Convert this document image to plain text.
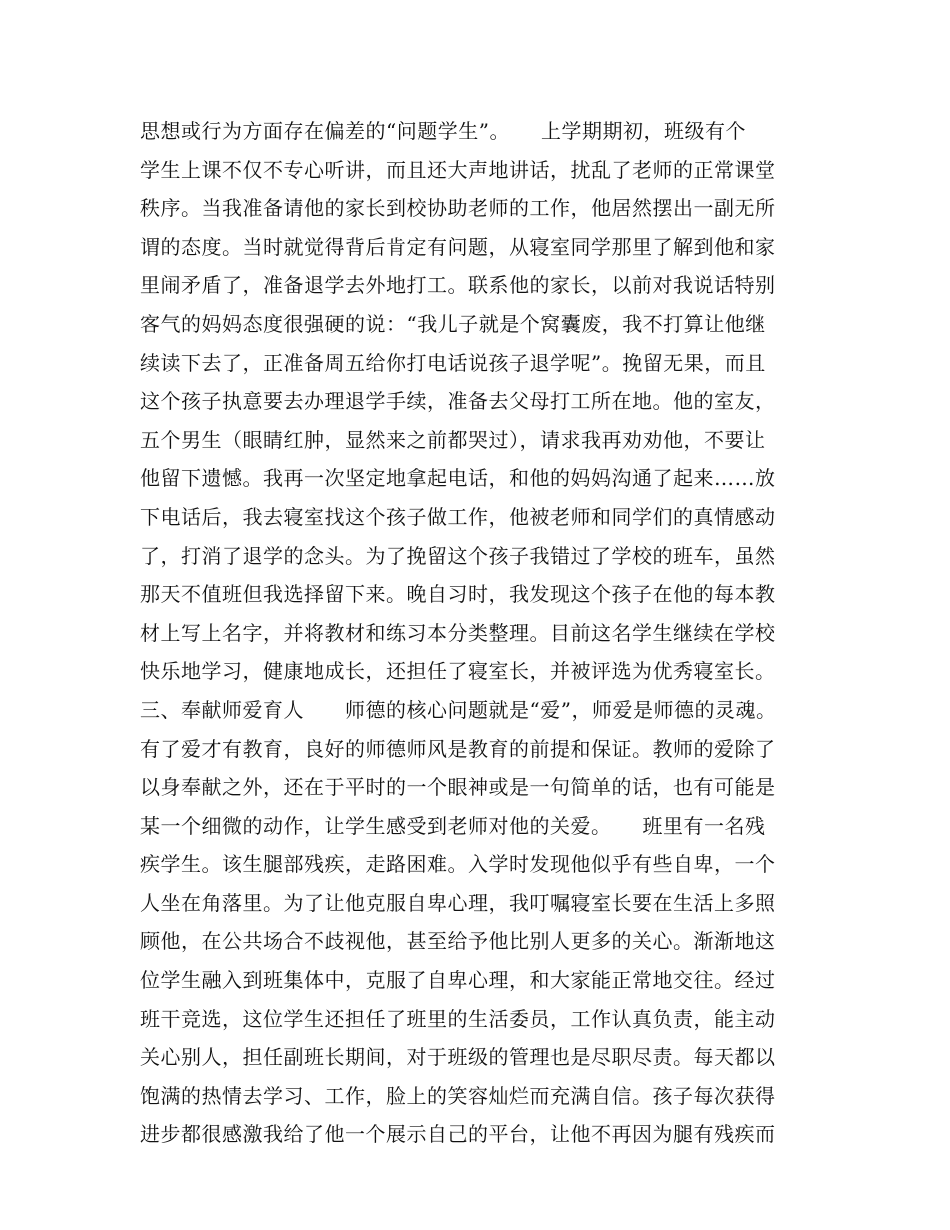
思想或行为方面存在偏差的“问题学生”。　　上学期期初，班级有个
学生上课不仅不专心听讲，而且还大声地讲话，扰乱了老师的正常课堂
秩序。当我准备请他的家长到校协助老师的工作，他居然摆出一副无所
谓的态度。当时就觉得背后肯定有问题，从寝室同学那里了解到他和家
里闹矛盾了，准备退学去外地打工。联系他的家长，以前对我说话特别
客气的妈妈态度很强硬的说：“我儿子就是个窝囊废，我不打算让他继
续读下去了，正准备周五给你打电话说孩子退学呢”。挽留无果，而且
这个孩子执意要去办理退学手续，准备去父母打工所在地。他的室友，
五个男生（眼睛红肿，显然来之前都哭过），请求我再劝劝他，不要让
他留下遗憾。我再一次坚定地拿起电话，和他的妈妈沟通了起来……放
下电话后，我去寝室找这个孩子做工作，他被老师和同学们的真情感动
了，打消了退学的念头。为了挽留这个孩子我错过了学校的班车，虽然
那天不值班但我选择留下来。晚自习时，我发现这个孩子在他的每本教
材上写上名字，并将教材和练习本分类整理。目前这名学生继续在学校
快乐地学习，健康地成长，还担任了寝室长，并被评选为优秀寝室长。
三、奉献师爱育人　　师德的核心问题就是“爱”，师爱是师德的灵魂。
有了爱才有教育，良好的师德师风是教育的前提和保证。教师的爱除了
以身奉献之外，还在于平时的一个眼神或是一句简单的话，也有可能是
某一个细微的动作，让学生感受到老师对他的关爱。　　班里有一名残
疾学生。该生腿部残疾，走路困难。入学时发现他似乎有些自卑，一个
人坐在角落里。为了让他克服自卑心理，我叮嘱寝室长要在生活上多照
顾他，在公共场合不歧视他，甚至给予他比别人更多的关心。渐渐地这
位学生融入到班集体中，克服了自卑心理，和大家能正常地交往。经过
班干竞选，这位学生还担任了班里的生活委员，工作认真负责，能主动
关心别人，担任副班长期间，对于班级的管理也是尽职尽责。每天都以
饱满的热情去学习、工作，脸上的笑容灿烂而充满自信。孩子每次获得
进步都很感激我给了他一个展示自己的平台，让他不再因为腿有残疾而
